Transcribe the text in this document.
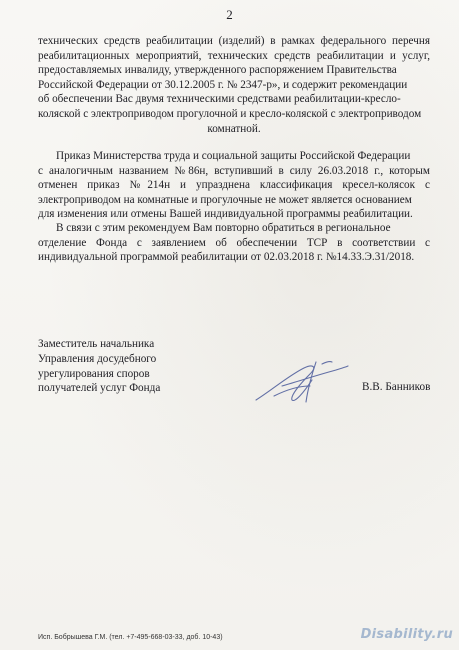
2
технических средств реабилитации (изделий) в рамках федерального перечня
реабилитационных мероприятий, технических средств реабилитации и услуг,
предоставляемых инвалиду, утвержденного распоряжением Правительства
Российской Федерации от 30.12.2005 г. № 2347-р», и содержит рекомендации
об обеспечении Вас двумя техническими средствами реабилитации-кресло-
коляской с электроприводом прогулочной и кресло-коляской с электроприводом
комнатной.
Приказ Министерства труда и социальной защиты Российской Федерации
с аналогичным названием №86н, вступивший в силу 26.03.2018 г., которым
отменен приказ №214н и упразднена классификация кресел-колясок с
электроприводом на комнатные и прогулочные не может является основанием
для изменения или отмены Вашей индивидуальной программы реабилитации.
В связи с этим рекомендуем Вам повторно обратиться в региональное
отделение Фонда с заявлением об обеспечении ТСР в соответствии с
индивидуальной программой реабилитации от 02.03.2018 г. №14.33.Э.31/2018.
Заместитель начальника
Управления досудебного
урегулирования споров
получателей услуг Фонда	В.В. Банников
Исп. Бобрышева Г.М. (тел. +7-495-668-03-33, доб. 10-43)	Disability.ru
